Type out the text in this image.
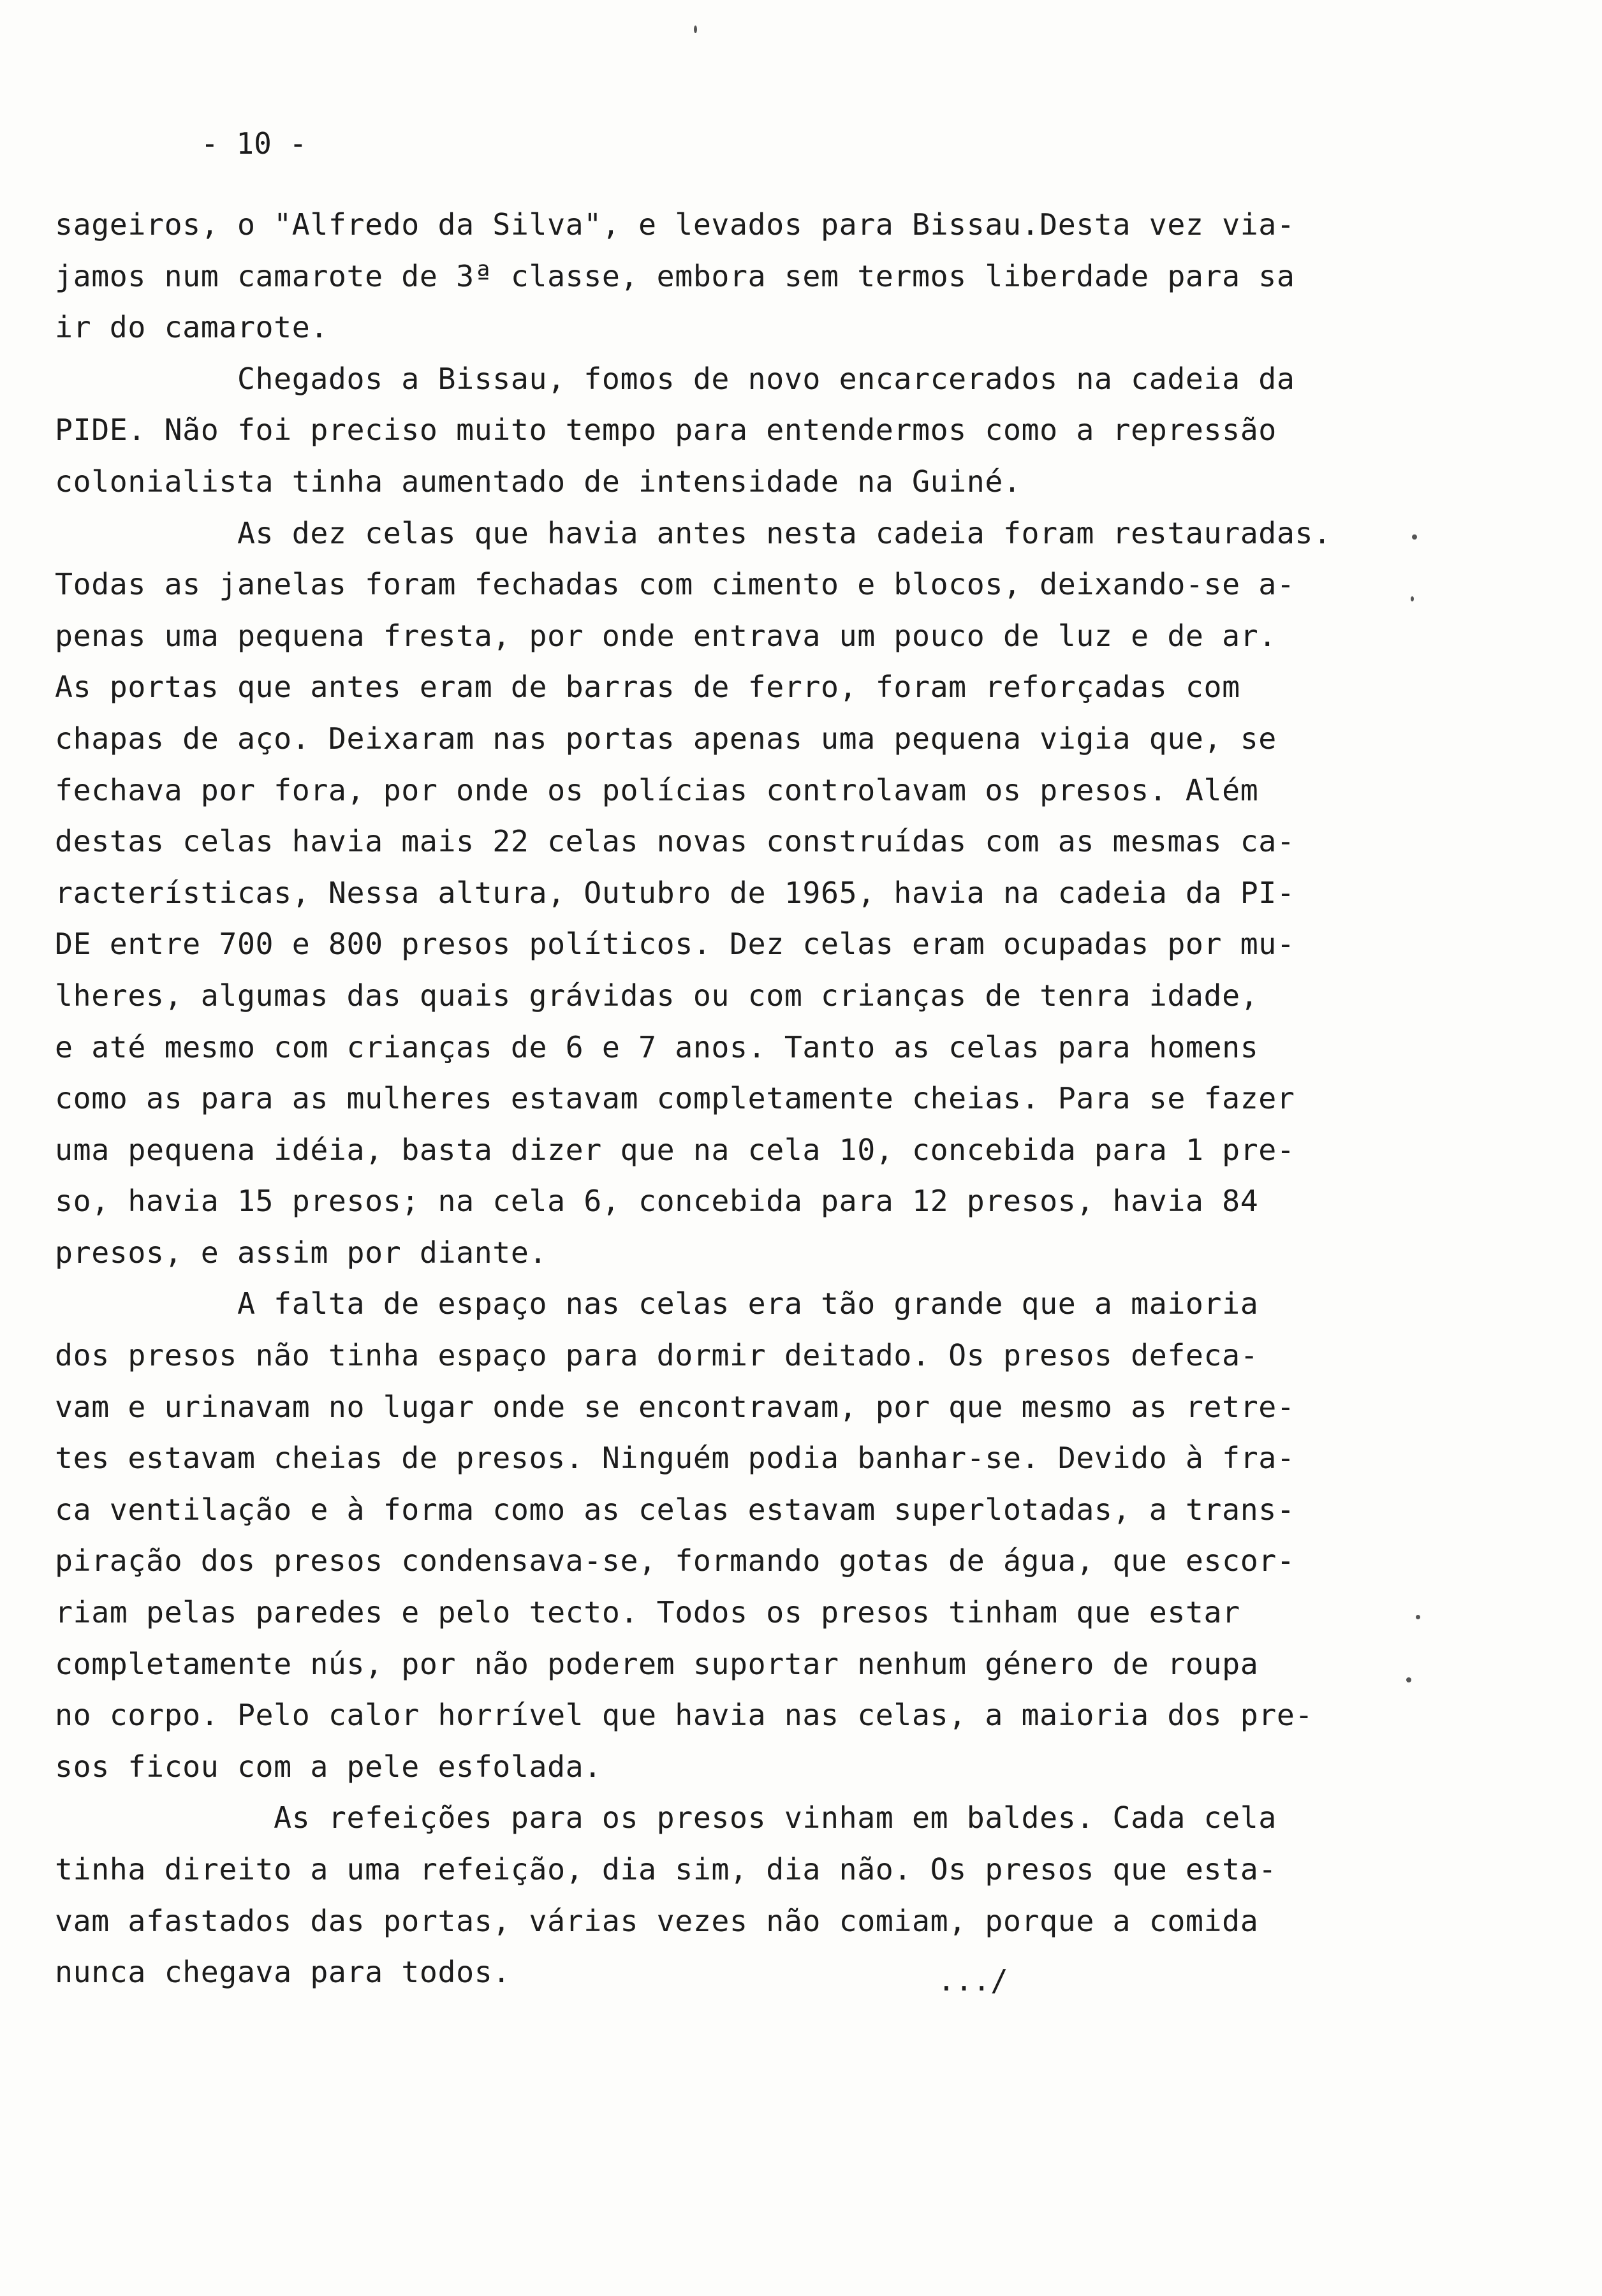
- 10 -
sageiros, o "Alfredo da Silva", e levados para Bissau.Desta vez via-
jamos num camarote de 3ª classe, embora sem termos liberdade para sa
ir do camarote.
Chegados a Bissau, fomos de novo encarcerados na cadeia da
PIDE. Não foi preciso muito tempo para entendermos como a repressão
colonialista tinha aumentado de intensidade na Guiné.
As dez celas que havia antes nesta cadeia foram restauradas.
Todas as janelas foram fechadas com cimento e blocos, deixando-se a-
penas uma pequena fresta, por onde entrava um pouco de luz e de ar.
As portas que antes eram de barras de ferro, foram reforçadas com
chapas de aço. Deixaram nas portas apenas uma pequena vigia que, se
fechava por fora, por onde os polícias controlavam os presos. Além
destas celas havia mais 22 celas novas construídas com as mesmas ca-
racterísticas, Nessa altura, Outubro de 1965, havia na cadeia da PI-
DE entre 700 e 800 presos políticos. Dez celas eram ocupadas por mu-
lheres, algumas das quais grávidas ou com crianças de tenra idade,
e até mesmo com crianças de 6 e 7 anos. Tanto as celas para homens
como as para as mulheres estavam completamente cheias. Para se fazer
uma pequena idéia, basta dizer que na cela 10, concebida para 1 pre-
so, havia 15 presos; na cela 6, concebida para 12 presos, havia 84
presos, e assim por diante.
A falta de espaço nas celas era tão grande que a maioria
dos presos não tinha espaço para dormir deitado. Os presos defeca-
vam e urinavam no lugar onde se encontravam, por que mesmo as retre-
tes estavam cheias de presos. Ninguém podia banhar-se. Devido à fra-
ca ventilação e à forma como as celas estavam superlotadas, a trans-
piração dos presos condensava-se, formando gotas de água, que escor-
riam pelas paredes e pelo tecto. Todos os presos tinham que estar
completamente nús, por não poderem suportar nenhum género de roupa
no corpo. Pelo calor horrível que havia nas celas, a maioria dos pre-
sos ficou com a pele esfolada.
As refeições para os presos vinham em baldes. Cada cela
tinha direito a uma refeição, dia sim, dia não. Os presos que esta-
vam afastados das portas, várias vezes não comiam, porque a comida
nunca chegava para todos.	.../
